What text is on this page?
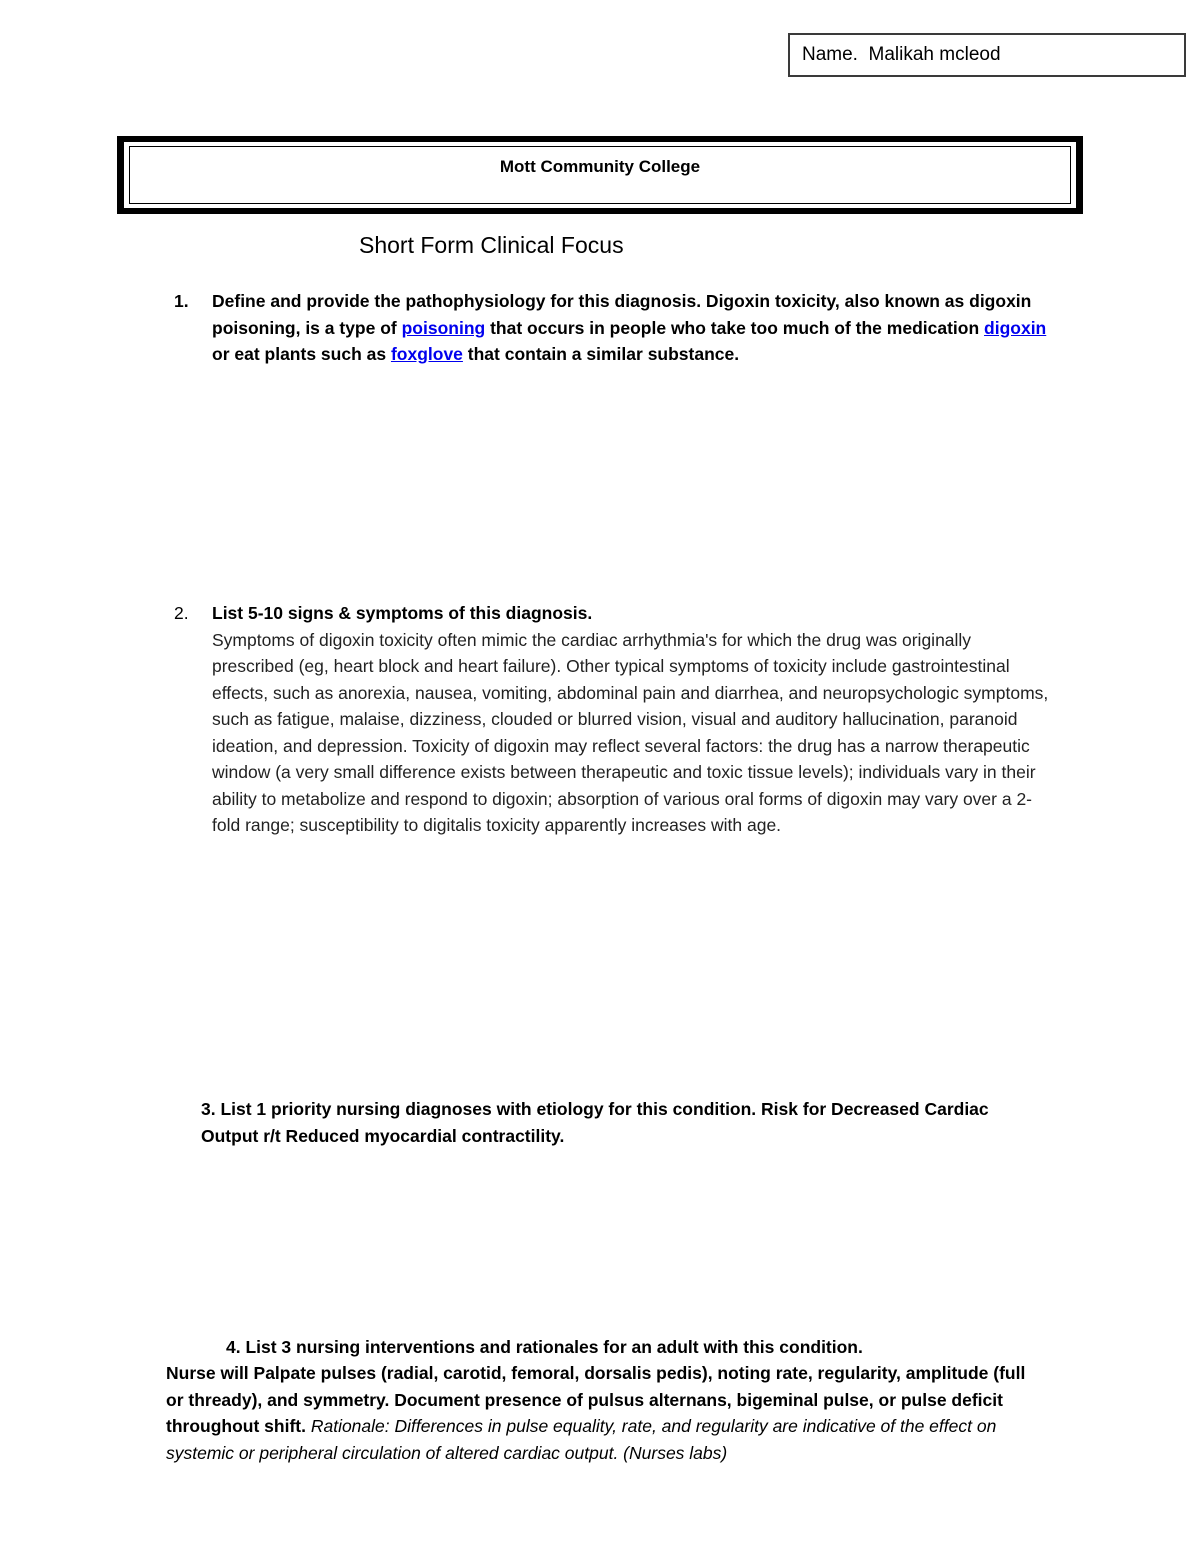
Name.  Malikah mcleod
Mott Community College
Short Form Clinical Focus
1. Define and provide the pathophysiology for this diagnosis. Digoxin toxicity, also known as digoxin poisoning, is a type of poisoning that occurs in people who take too much of the medication digoxin or eat plants such as foxglove that contain a similar substance.
2. List 5-10 signs & symptoms of this diagnosis.
Symptoms of digoxin toxicity often mimic the cardiac arrhythmia's for which the drug was originally prescribed (eg, heart block and heart failure). Other typical symptoms of toxicity include gastrointestinal effects, such as anorexia, nausea, vomiting, abdominal pain and diarrhea, and neuropsychologic symptoms, such as fatigue, malaise, dizziness, clouded or blurred vision, visual and auditory hallucination, paranoid ideation, and depression. Toxicity of digoxin may reflect several factors: the drug has a narrow therapeutic window (a very small difference exists between therapeutic and toxic tissue levels); individuals vary in their ability to metabolize and respond to digoxin; absorption of various oral forms of digoxin may vary over a 2-fold range; susceptibility to digitalis toxicity apparently increases with age.
3. List 1 priority nursing diagnoses with etiology for this condition. Risk for Decreased Cardiac Output r/t Reduced myocardial contractility.
4. List 3 nursing interventions and rationales for an adult with this condition.
Nurse will Palpate pulses (radial, carotid, femoral, dorsalis pedis), noting rate, regularity, amplitude (full or thready), and symmetry. Document presence of pulsus alternans, bigeminal pulse, or pulse deficit throughout shift. Rationale: Differences in pulse equality, rate, and regularity are indicative of the effect on systemic or peripheral circulation of altered cardiac output. (Nurses labs)
